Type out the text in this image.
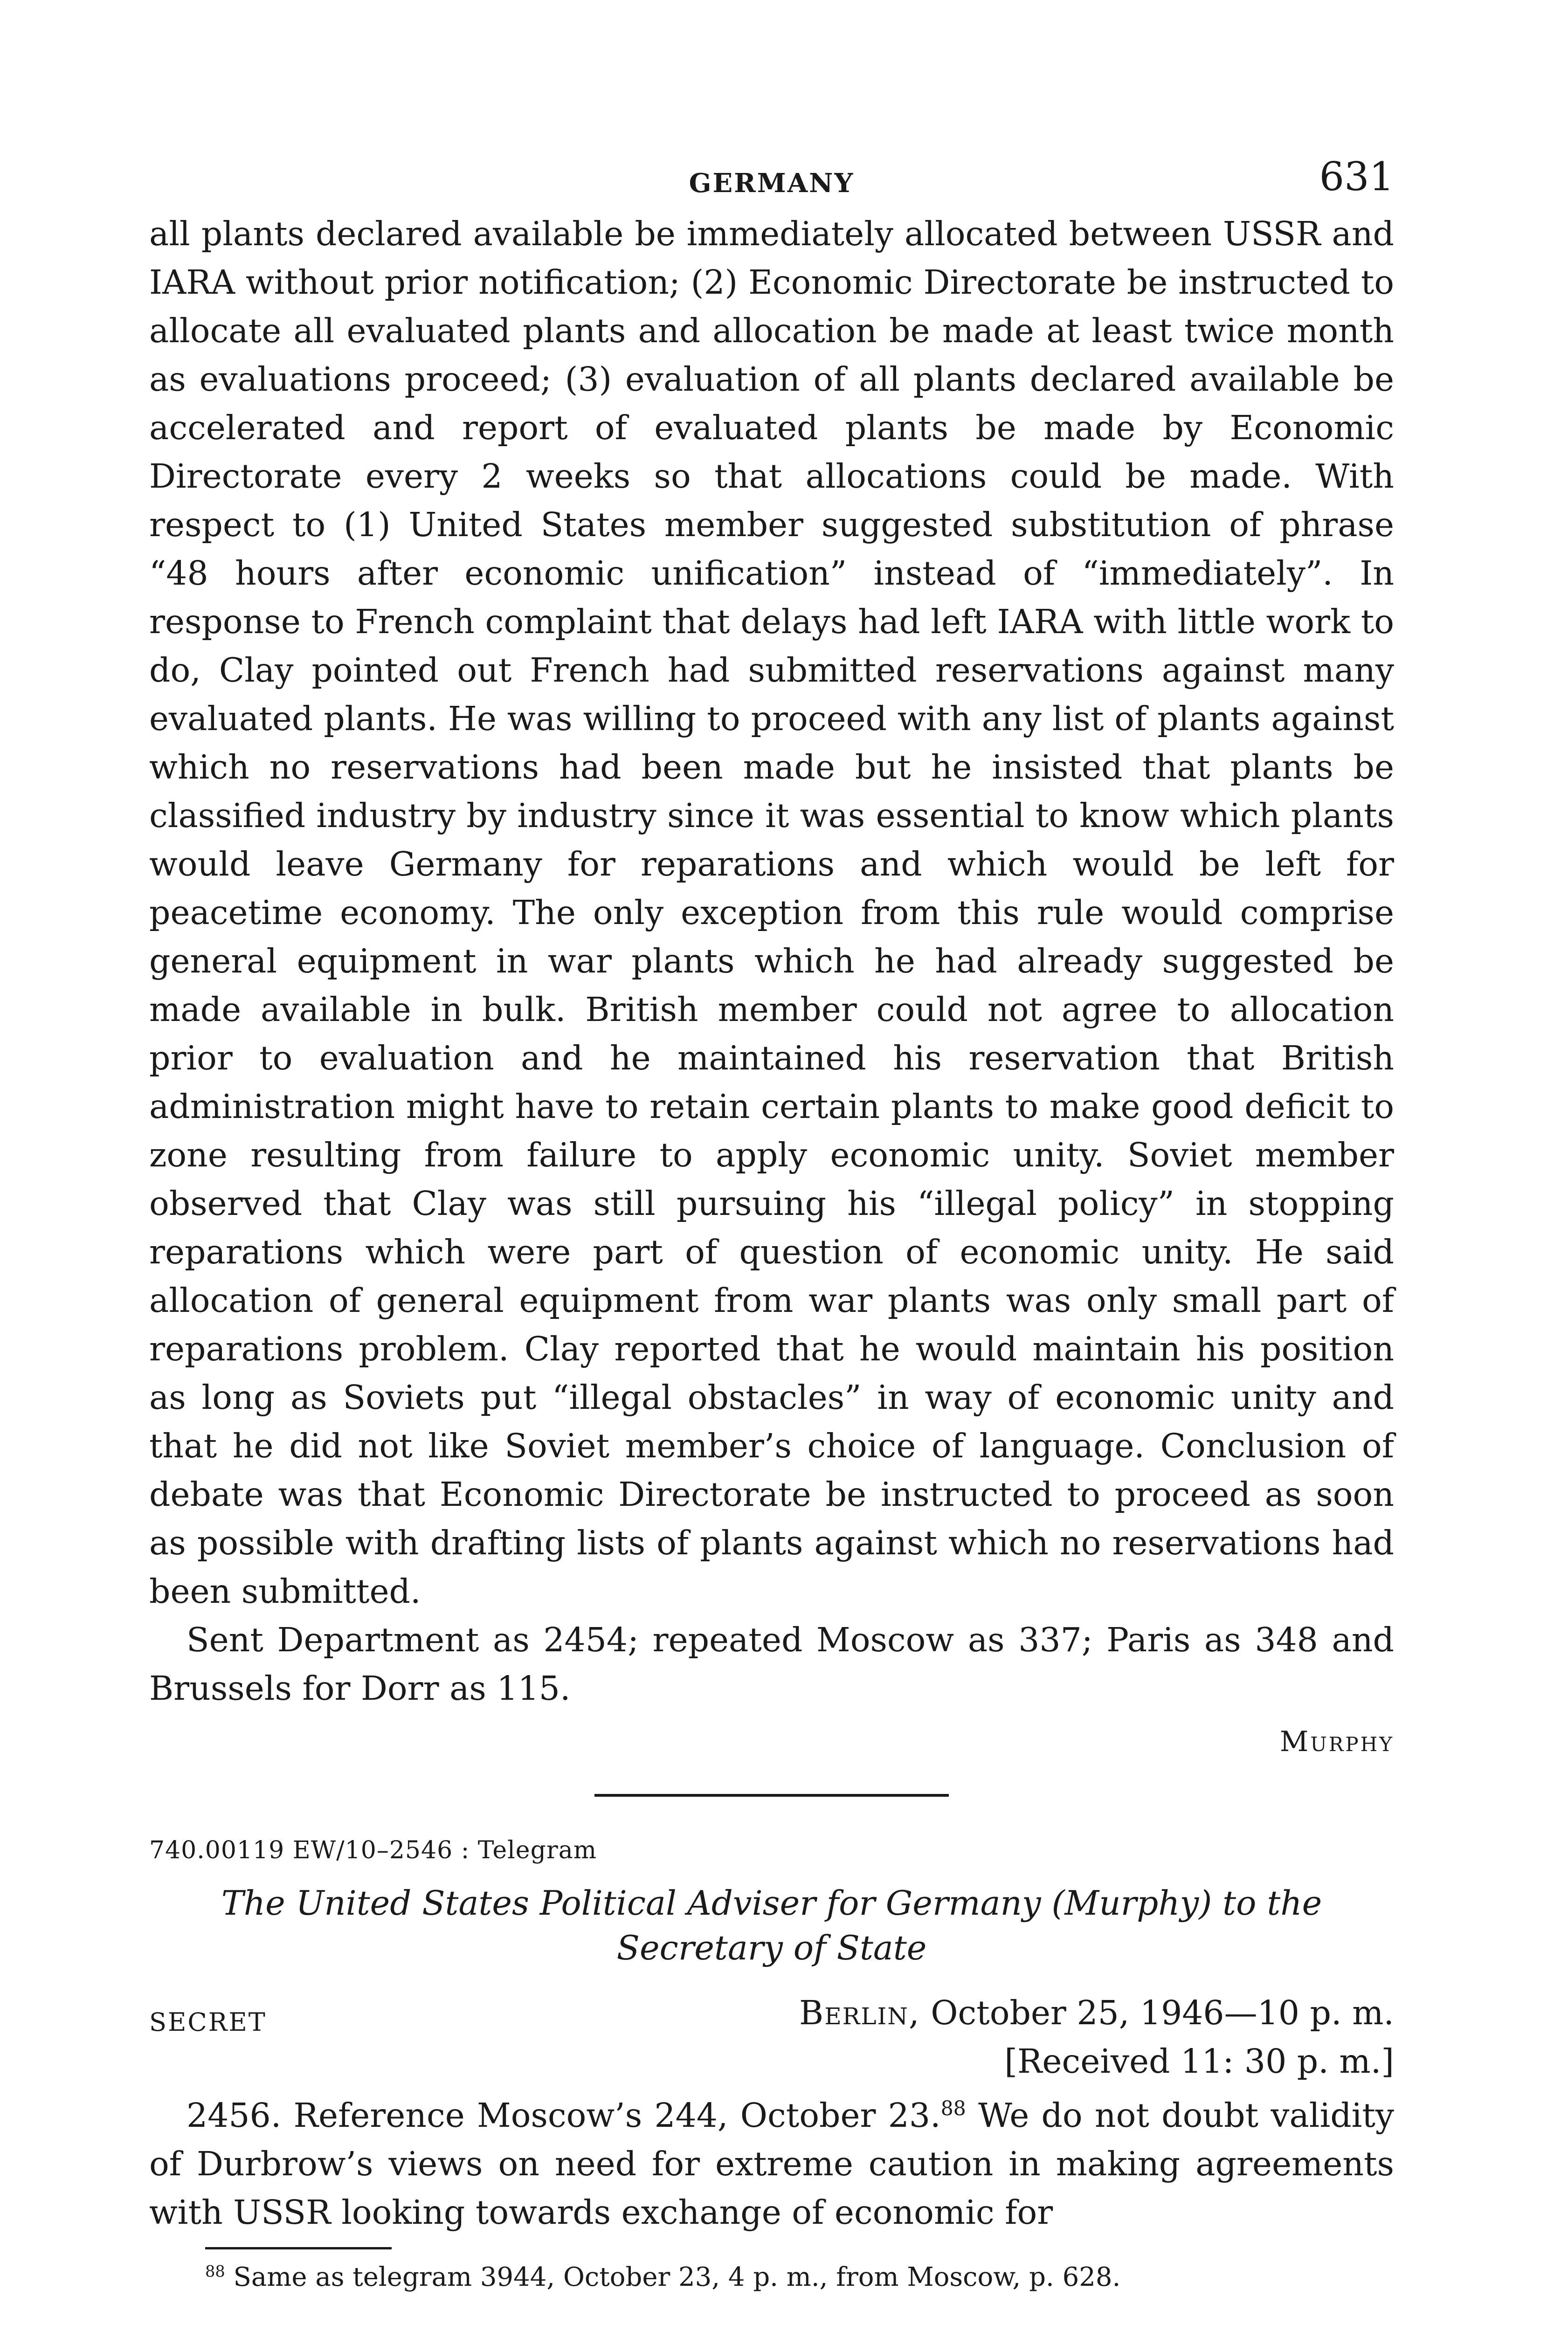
GERMANY	631

all plants declared available be immediately allocated between USSR and IARA without prior notification; (2) Economic Directorate be instructed to allocate all evaluated plants and allocation be made at least twice month as evaluations proceed; (3) evaluation of all plants declared available be accelerated and report of evaluated plants be made by Economic Directorate every 2 weeks so that allocations could be made. With respect to (1) United States member suggested substitution of phrase “48 hours after economic unification” instead of “immediately”. In response to French complaint that delays had left IARA with little work to do, Clay pointed out French had submitted reservations against many evaluated plants. He was willing to proceed with any list of plants against which no reservations had been made but he insisted that plants be classified industry by industry since it was essential to know which plants would leave Germany for reparations and which would be left for peacetime economy. The only exception from this rule would comprise general equipment in war plants which he had already suggested be made available in bulk. British member could not agree to allocation prior to evaluation and he maintained his reservation that British administration might have to retain certain plants to make good deficit to zone resulting from failure to apply economic unity. Soviet member observed that Clay was still pursuing his “illegal policy” in stopping reparations which were part of question of economic unity. He said allocation of general equipment from war plants was only small part of reparations problem. Clay reported that he would maintain his position as long as Soviets put “illegal obstacles” in way of economic unity and that he did not like Soviet member’s choice of language. Conclusion of debate was that Economic Directorate be instructed to proceed as soon as possible with drafting lists of plants against which no reservations had been submitted.

Sent Department as 2454; repeated Moscow as 337; Paris as 348 and Brussels for Dorr as 115.

Murphy
740.00119 EW/10–2546 : Telegram
The United States Political Adviser for Germany (Murphy) to the
Secretary of State
SECRET	Berlin, October 25, 1946—10 p. m.
[Received 11: 30 p. m.]

2456. Reference Moscow’s 244, October 23.88 We do not doubt validity of Durbrow’s views on need for extreme caution in making agreements with USSR looking towards exchange of economic for

$^{88}$ Same as telegram 3944, October 23, 4 p. m., from Moscow, p. 628.
